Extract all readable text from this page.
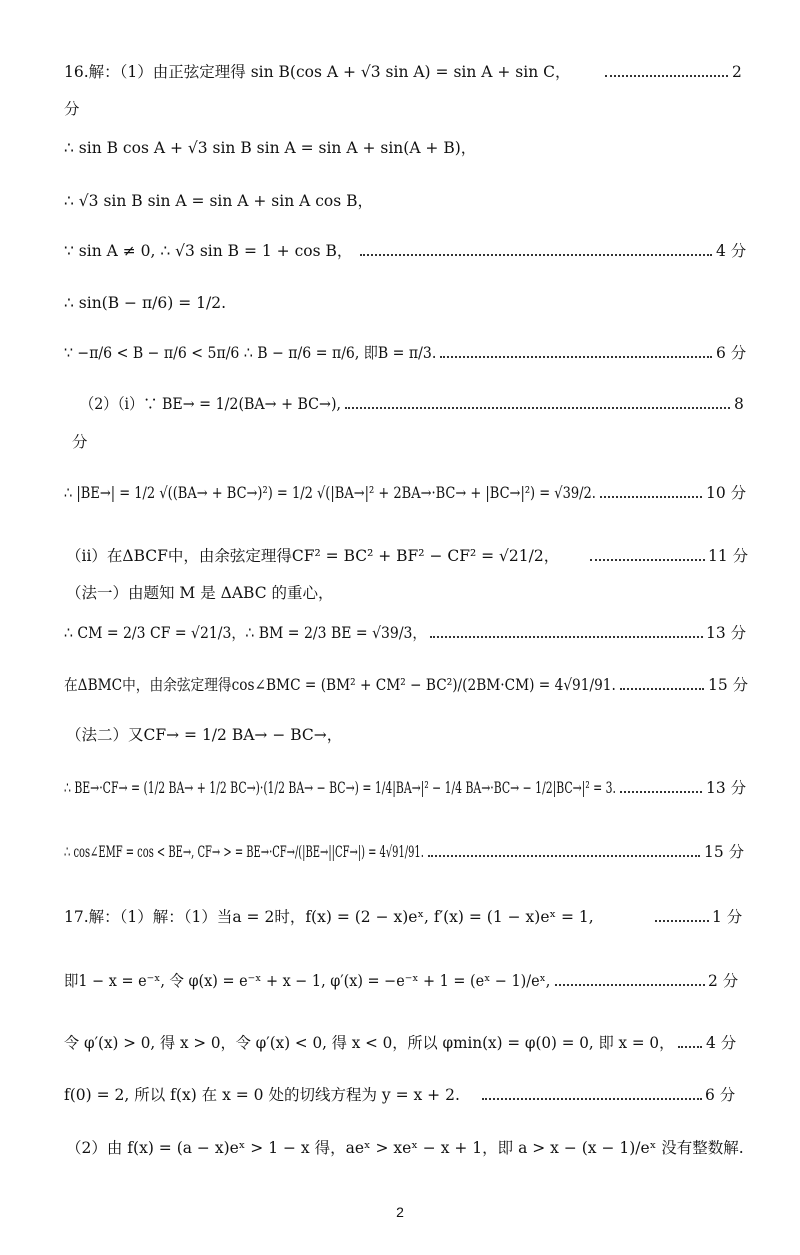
16.解：（1）由正弦定理得 sin B(cos A + √3 sin A) = sin A + sin C，	2
分
∴ sin B cos A + √3 sin B sin A = sin A + sin(A + B)，
∴ √3 sin B sin A = sin A + sin A cos B，
∵ sin A ≠ 0, ∴ √3 sin B = 1 + cos B，	4 分
∴ sin(B − π/6) = 1/2.
∵ −π/6 < B − π/6 < 5π/6 ∴ B − π/6 = π/6, 即B = π/3.	6 分
（2）（i）∵ BE→ = 1/2(BA→ + BC→),	8
分
∴ |BE→| = 1/2 √((BA→ + BC→)²) = 1/2 √(|BA→|² + 2BA→·BC→ + |BC→|²) = √39/2.	10 分
（ii）在ΔBCF中，由余弦定理得CF² = BC² + BF² − CF² = √21/2，	11 分
（法一）由题知 M 是 ΔABC 的重心，
∴ CM = 2/3 CF = √21/3，∴ BM = 2/3 BE = √39/3，	13 分
在ΔBMC中，由余弦定理得cos∠BMC = (BM² + CM² − BC²)/(2BM·CM) = 4√91/91.	15 分
（法二）又CF→ = 1/2 BA→ − BC→，
∴ BE→·CF→ = (1/2 BA→ + 1/2 BC→)·(1/2 BA→ − BC→) = 1/4|BA→|² − 1/4 BA→·BC→ − 1/2|BC→|² = 3.	13 分
∴ cos∠EMF = cos < BE→, CF→ > = BE→·CF→/(|BE→||CF→|) = 4√91/91.	15 分
17.解：（1）解：（1）当a = 2时，f(x) = (2 − x)eˣ, f′(x) = (1 − x)eˣ = 1,	1 分
即1 − x = e⁻ˣ, 令 φ(x) = e⁻ˣ + x − 1, φ′(x) = −e⁻ˣ + 1 = (eˣ − 1)/eˣ,	2 分
令 φ′(x) > 0, 得 x > 0，令 φ′(x) < 0, 得 x < 0，所以 φmin(x) = φ(0) = 0, 即 x = 0， 4 分
f(0) = 2, 所以 f(x) 在 x = 0 处的切线方程为 y = x + 2.	6 分
（2）由 f(x) = (a − x)eˣ > 1 − x 得，aeˣ > xeˣ − x + 1，即 a > x − (x − 1)/eˣ 没有整数解.
2
